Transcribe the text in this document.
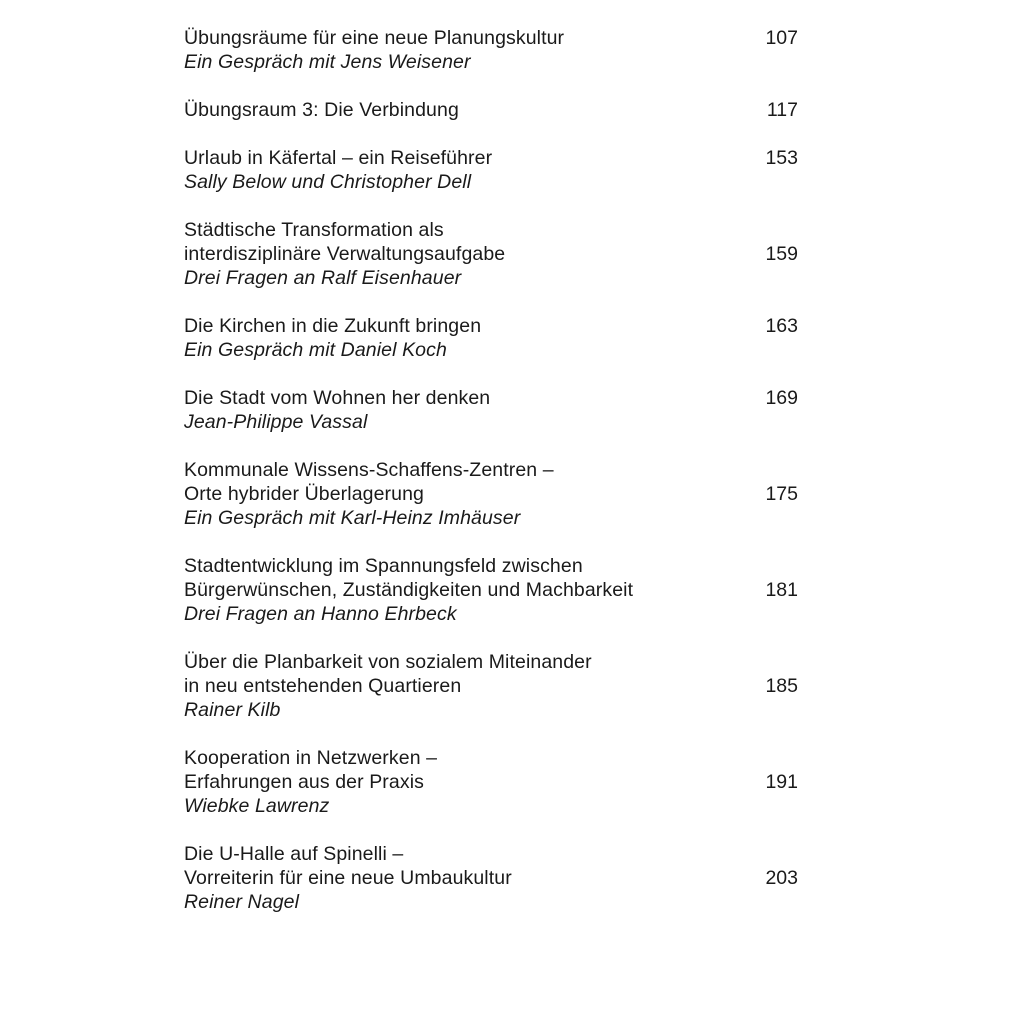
Übungsräume für eine neue Planungskultur
Ein Gespräch mit Jens Weisener
107
Übungsraum 3: Die Verbindung	117
Urlaub in Käfertal – ein Reiseführer
Sally Below und Christopher Dell
153
Städtische Transformation als
interdisziplinäre Verwaltungsaufgabe
Drei Fragen an Ralf Eisenhauer
159
Die Kirchen in die Zukunft bringen
Ein Gespräch mit Daniel Koch
163
Die Stadt vom Wohnen her denken
Jean-Philippe Vassal
169
Kommunale Wissens-Schaffens-Zentren –
Orte hybrider Überlagerung
Ein Gespräch mit Karl-Heinz Imhäuser
175
Stadtentwicklung im Spannungsfeld zwischen
Bürgerwünschen, Zuständigkeiten und Machbarkeit
Drei Fragen an Hanno Ehrbeck
181
Über die Planbarkeit von sozialem Miteinander
in neu entstehenden Quartieren
Rainer Kilb
185
Kooperation in Netzwerken –
Erfahrungen aus der Praxis
Wiebke Lawrenz
191
Die U-Halle auf Spinelli –
Vorreiterin für eine neue Umbaukultur
Reiner Nagel
203
